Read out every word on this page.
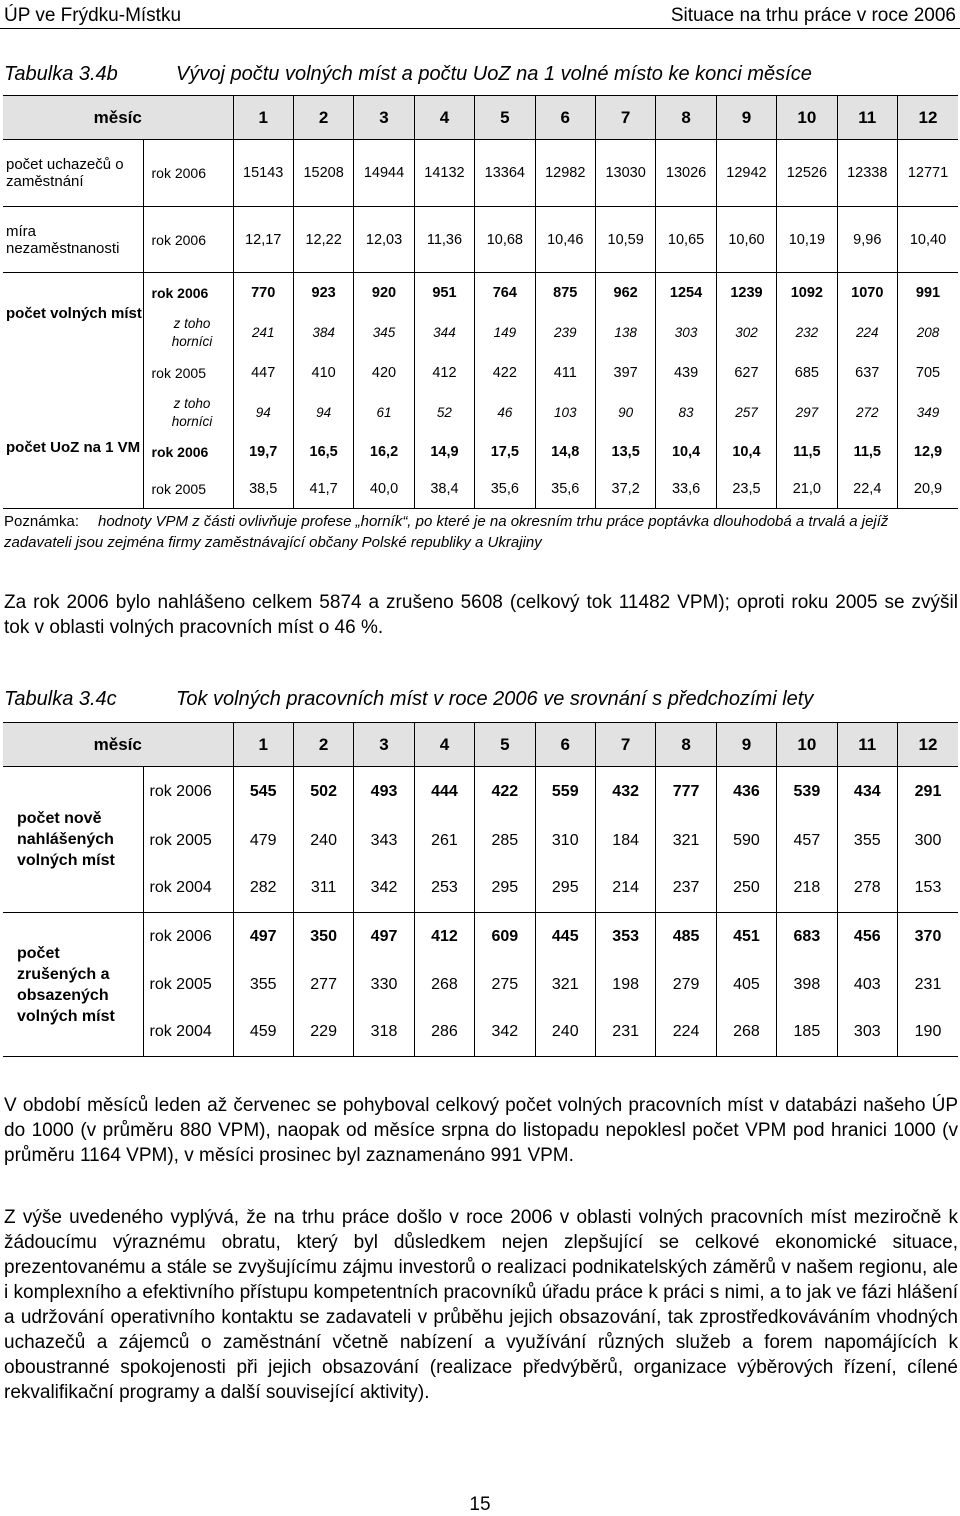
ÚP ve Frýdku-Místku	Situace na trhu práce v roce 2006
Tabulka 3.4b	Vývoj počtu volných míst a počtu UoZ na 1 volné místo ke konci měsíce
měsíc		1	2	3	4	5	6	7	8	9	10	11	12
počet uchazečů o zaměstnání	rok 2006	15143	15208	14944	14132	13364	12982	13030	13026	12942	12526	12338	12771
míra nezaměstnanosti	rok 2006	12,17	12,22	12,03	11,36	10,68	10,46	10,59	10,65	10,60	10,19	9,96	10,40
počet volných míst	rok 2006	770	923	920	951	764	875	962	1254	1239	1092	1070	991
	z toho horníci	241	384	345	344	149	239	138	303	302	232	224	208
	rok 2005	447	410	420	412	422	411	397	439	627	685	637	705
	z toho horníci	94	94	61	52	46	103	90	83	257	297	272	349
počet UoZ na 1 VM	rok 2006	19,7	16,5	16,2	14,9	17,5	14,8	13,5	10,4	10,4	11,5	11,5	12,9
	rok 2005	38,5	41,7	40,0	38,4	35,6	35,6	37,2	33,6	23,5	21,0	22,4	20,9
Poznámka: hodnoty VPM z části ovlivňuje profese „horník“, po které je na okresním trhu práce poptávka dlouhodobá a trvalá a jejíž zadavateli jsou zejména firmy zaměstnávající občany Polské republiky a Ukrajiny
Za rok 2006 bylo nahlášeno celkem 5874 a zrušeno 5608 (celkový tok 11482 VPM); oproti roku 2005 se zvýšil tok v oblasti volných pracovních míst o 46 %.
Tabulka 3.4c	Tok volných pracovních míst v roce 2006 ve srovnání s předchozími lety
měsíc		1	2	3	4	5	6	7	8	9	10	11	12
počet nově nahlášených volných míst	rok 2006	545	502	493	444	422	559	432	777	436	539	434	291
	rok 2005	479	240	343	261	285	310	184	321	590	457	355	300
	rok 2004	282	311	342	253	295	295	214	237	250	218	278	153
počet zrušených a obsazených volných míst	rok 2006	497	350	497	412	609	445	353	485	451	683	456	370
	rok 2005	355	277	330	268	275	321	198	279	405	398	403	231
	rok 2004	459	229	318	286	342	240	231	224	268	185	303	190
V období měsíců leden až červenec se pohyboval celkový počet volných pracovních míst v databázi našeho ÚP do 1000 (v průměru 880 VPM), naopak od měsíce srpna do listopadu nepoklesl počet VPM pod hranici 1000 (v průměru 1164 VPM), v měsíci prosinec byl zaznamenáno 991 VPM.
Z výše uvedeného vyplývá, že na trhu práce došlo v roce 2006 v oblasti volných pracovních míst meziročně k žádoucímu výraznému obratu, který byl důsledkem nejen zlepšující se celkové ekonomické situace, prezentovanému a stále se zvyšujícímu zájmu investorů o realizaci podnikatelských záměrů v našem regionu, ale i komplexního a efektivního přístupu kompetentních pracovníků úřadu práce k práci s nimi, a to jak ve fázi hlášení a udržování operativního kontaktu se zadavateli v průběhu jejich obsazování, tak zprostředkováváním vhodných uchazečů a zájemců o zaměstnání včetně nabízení a využívání různých služeb a forem napomájících k oboustranné spokojenosti při jejich obsazování (realizace předvýběrů, organizace výběrových řízení, cílené rekvalifikační programy a další související aktivity).
15
